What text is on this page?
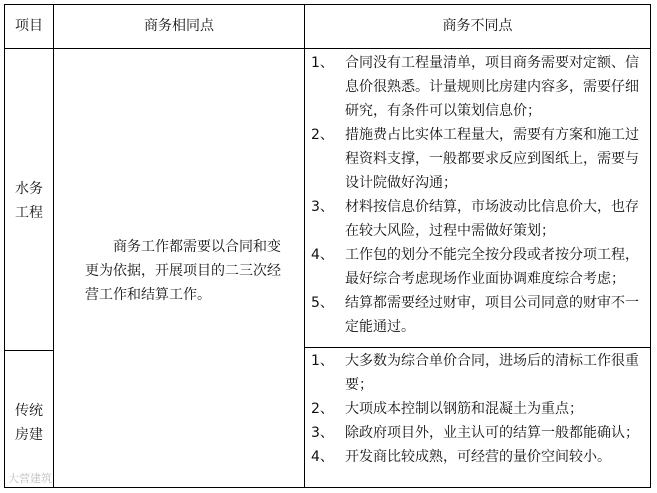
项目	商务相同点	商务不同点
水务工程
传统房建
商务工作都需要以合同和变更为依据，开展项目的二三次经营工作和结算工作。
1、 合同没有工程量清单，项目商务需要对定额、信息价很熟悉。计量规则比房建内容多，需要仔细研究，有条件可以策划信息价；
2、 措施费占比实体工程量大，需要有方案和施工过程资料支撑，一般都要求反应到图纸上，需要与设计院做好沟通；
3、 材料按信息价结算，市场波动比信息价大，也存在较大风险，过程中需做好策划；
4、 工作包的划分不能完全按分段或者按分项工程，最好综合考虑现场作业面协调难度综合考虑；
5、 结算都需要经过财审，项目公司同意的财审不一定能通过。
1、 大多数为综合单价合同，进场后的清标工作很重要；
2、 大项成本控制以钢筋和混凝土为重点；
3、 除政府项目外，业主认可的结算一般都能确认；
4、 开发商比较成熟，可经营的量价空间较小。
大营建筑
